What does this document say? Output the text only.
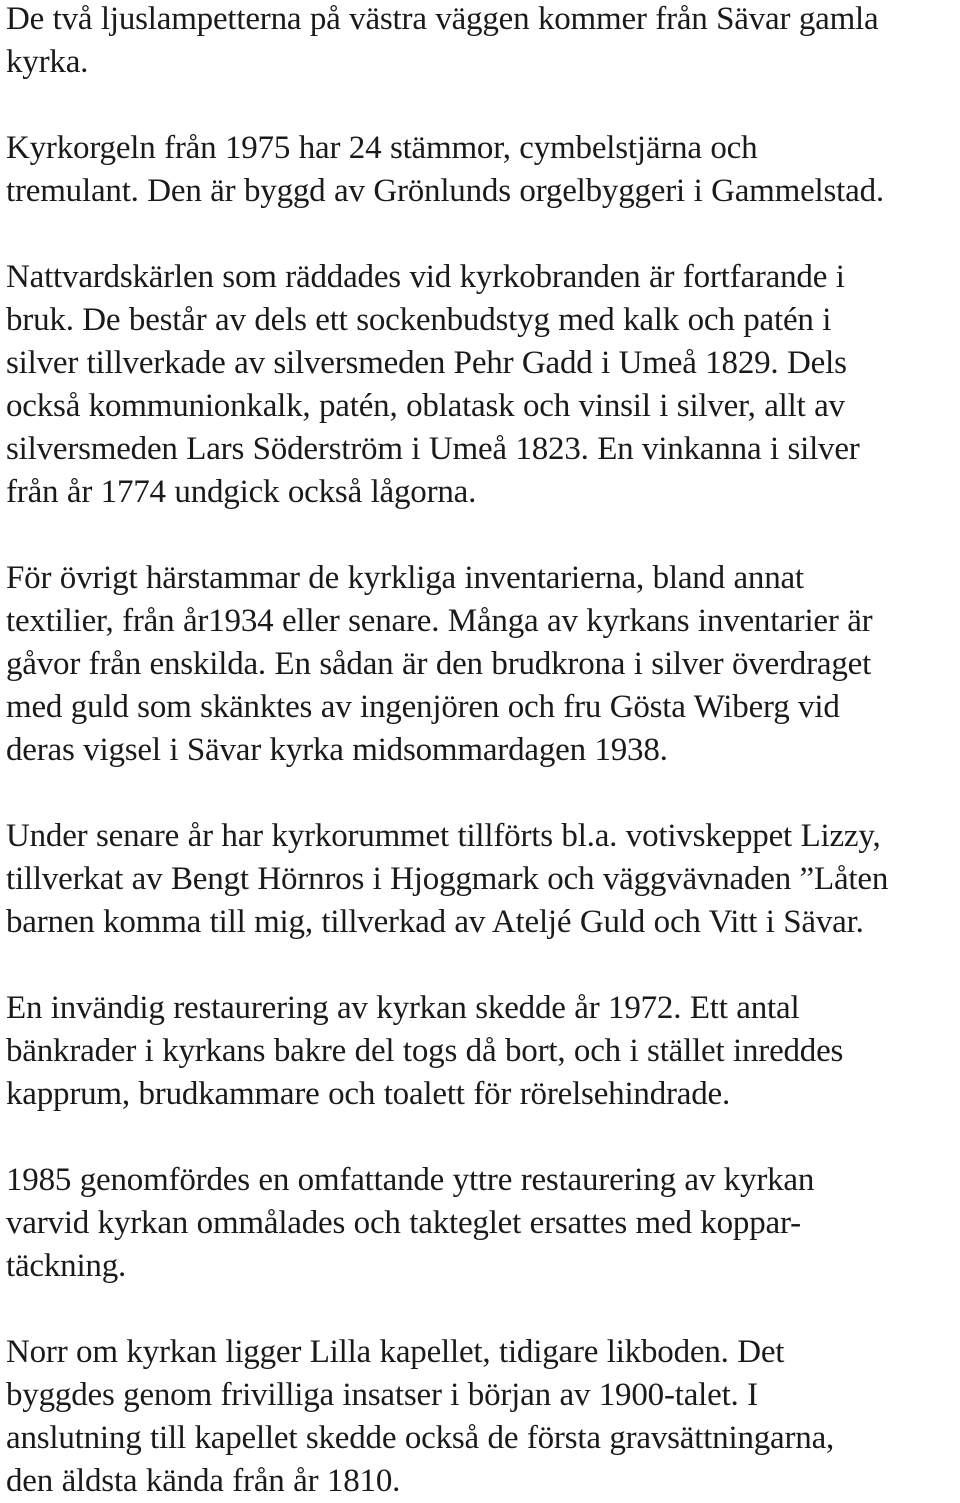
De två ljuslampetterna på västra väggen kommer från Sävar gamla
kyrka.

Kyrkorgeln från 1975 har 24 stämmor, cymbelstjärna och
tremulant. Den är byggd av Grönlunds orgelbyggeri i Gammelstad.

Nattvardskärlen som räddades vid kyrkobranden är fortfarande i
bruk. De består av dels ett sockenbudstyg med kalk och patén i
silver tillverkade av silversmeden Pehr Gadd i Umeå 1829. Dels
också kommunionkalk, patén, oblatask och vinsil i silver, allt av
silversmeden Lars Söderström i Umeå 1823. En vinkanna i silver
från år 1774 undgick också lågorna.

För övrigt härstammar de kyrkliga inventarierna, bland annat
textilier, från år1934 eller senare. Många av kyrkans inventarier är
gåvor från enskilda. En sådan är den brudkrona i silver överdraget
med guld som skänktes av ingenjören och fru Gösta Wiberg vid
deras vigsel i Sävar kyrka midsommardagen 1938.

Under senare år har kyrkorummet tillförts bl.a. votivskeppet Lizzy,
tillverkat av Bengt Hörnros i Hjoggmark och väggvävnaden ”Låten
barnen komma till mig, tillverkad av Ateljé Guld och Vitt i Sävar.

En invändig restaurering av kyrkan skedde år 1972. Ett antal
bänkrader i kyrkans bakre del togs då bort, och i stället inreddes
kapprum, brudkammare och toalett för rörelsehindrade.

1985 genomfördes en omfattande yttre restaurering av kyrkan
varvid kyrkan ommålades och takteglet ersattes med koppar-
täckning.

Norr om kyrkan ligger Lilla kapellet, tidigare likboden. Det
byggdes genom frivilliga insatser i början av 1900-talet. I
anslutning till kapellet skedde också de första gravsättningarna,
den äldsta kända från år 1810.
